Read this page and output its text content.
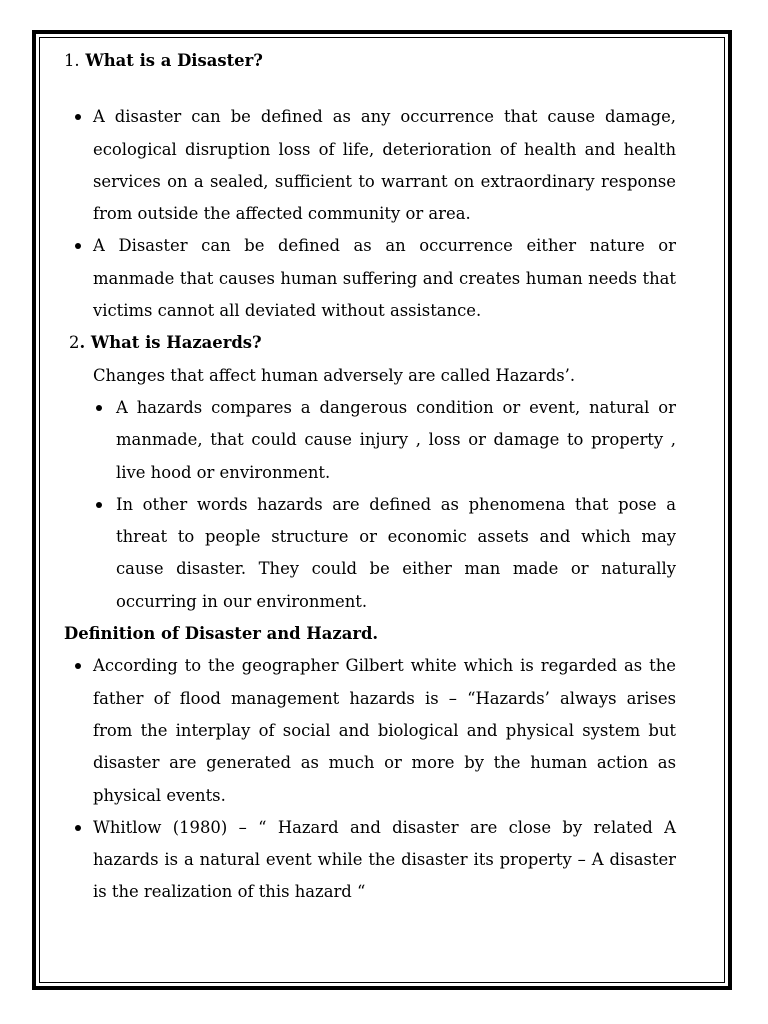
1. What is a Disaster?
A disaster can be defined as any occurrence that cause damage, ecological disruption loss of life, deterioration of health and health services on a sealed, sufficient to warrant on extraordinary response from outside the affected community or area.
A Disaster can be defined as an occurrence either nature or manmade that causes human suffering and creates human needs that victims cannot all deviated without assistance.
2. What is Hazaerds?
Changes that affect human adversely are called Hazards’.
A hazards compares a dangerous condition or event, natural or manmade, that could cause injury , loss or damage to property , live hood or environment.
In other words hazards are defined as phenomena that pose a threat to people structure or economic assets and which may cause disaster. They could be either man made or naturally occurring in our environment.
Definition of Disaster and Hazard.
According to the geographer Gilbert white which is regarded as the father of flood management hazards is – “Hazards’ always arises from the interplay of social and biological and physical system but disaster are generated as much or more by the human action as physical events.
Whitlow (1980) – “ Hazard and disaster are close by related A hazards is a natural event while the disaster its property – A disaster is the realization of this hazard “
